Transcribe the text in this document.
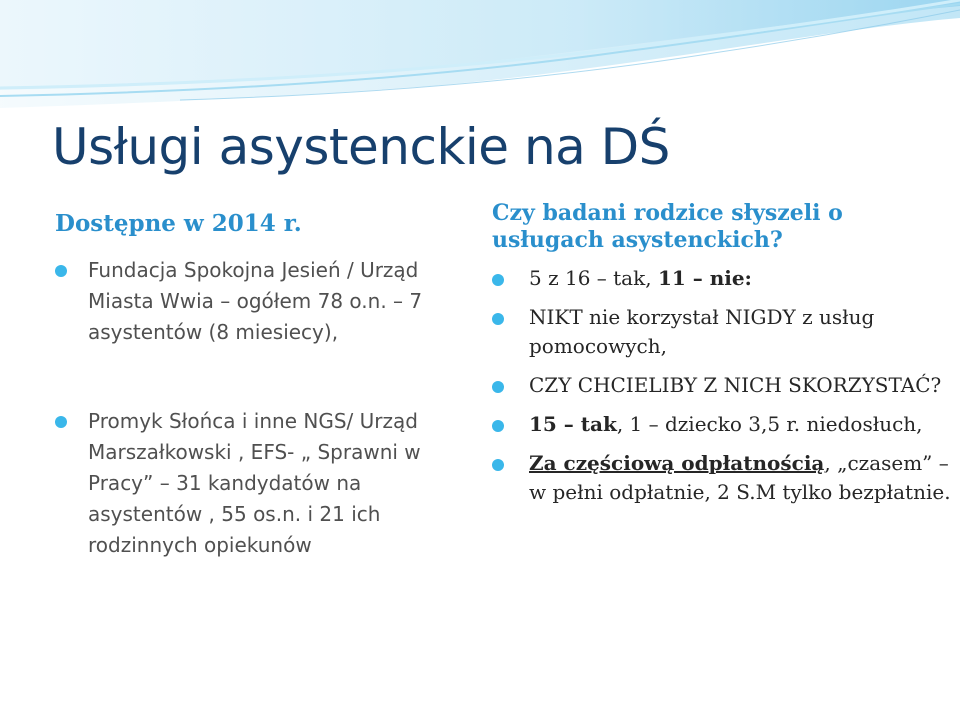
Usługi asystenckie na DŚ

Dostępne w 2014 r.

Fundacja Spokojna Jesień / Urząd Miasta Wwia – ogółem 78 o.n. – 7 asystentów (8 miesiecy),
Promyk Słońca i inne NGS/ Urząd Marszałkowski , EFS- „ Sprawni w Pracy” – 31 kandydatów na asystentów , 55 os.n. i 21 ich rodzinnych opiekunów

Czy badani rodzice słyszeli o usługach asystenckich?

5 z 16 – tak, 11 – nie:
NIKT nie korzystał NIGDY z usług pomocowych,
CZY CHCIELIBY Z NICH SKORZYSTAĆ?
15 – tak, 1 – dziecko 3,5 r. niedosłuch,
Za częściową odpłatnością, „czasem” – w pełni odpłatnie, 2 S.M tylko bezpłatnie.
